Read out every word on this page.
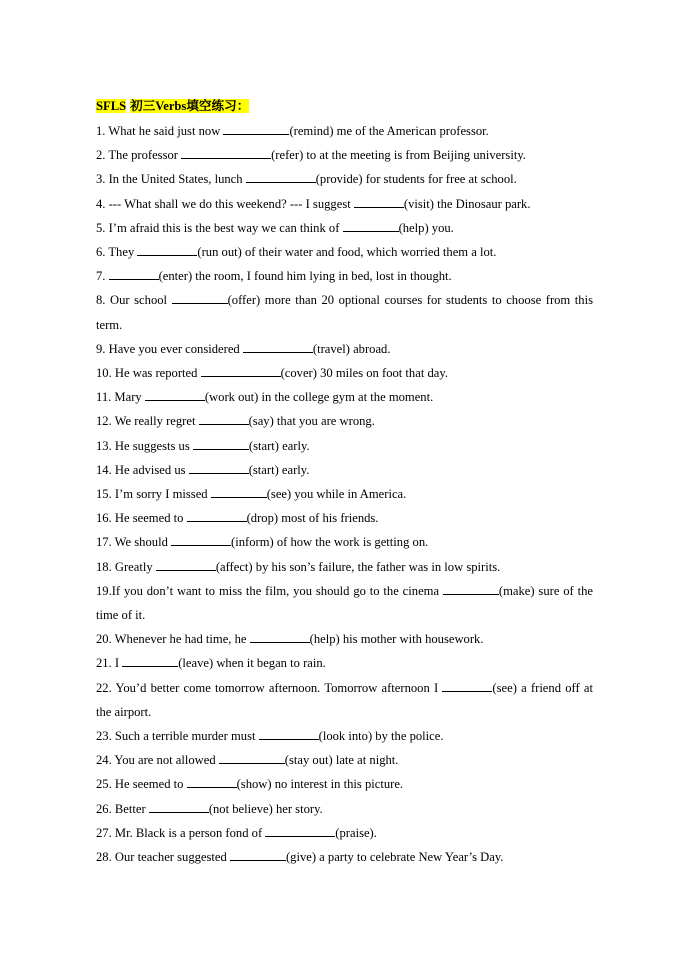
SFLS 初三Verbs填空练习：
1. What he said just now	(remind) me of the American professor.
2. The professor	(refer) to at the meeting is from Beijing university.
3. In the United States, lunch	(provide) for students for free at school.
4. --- What shall we do this weekend? --- I suggest	(visit) the Dinosaur park.
5. I’m afraid this is the best way we can think of	(help) you.
6. They	(run out) of their water and food, which worried them a lot.
7.	(enter) the room, I found him lying in bed, lost in thought.
8. Our school	(offer) more than 20 optional courses for students to choose from this term.
9. Have you ever considered	(travel) abroad.
10. He was reported	(cover) 30 miles on foot that day.
11. Mary	(work out) in the college gym at the moment.
12. We really regret	(say) that you are wrong.
13. He suggests us	(start) early.
14. He advised us	(start) early.
15. I’m sorry I missed	(see) you while in America.
16. He seemed to	(drop) most of his friends.
17. We should	(inform) of how the work is getting on.
18. Greatly	(affect) by his son’s failure, the father was in low spirits.
19.If you don’t want to miss the film, you should go to the cinema	(make) sure of the time of it.
20. Whenever he had time, he	(help) his mother with housework.
21. I	(leave) when it began to rain.
22. You’d better come tomorrow afternoon. Tomorrow afternoon I	(see) a friend off at the airport.
23. Such a terrible murder must	(look into) by the police.
24. You are not allowed	(stay out) late at night.
25. He seemed to	(show) no interest in this picture.
26. Better	(not believe) her story.
27. Mr. Black is a person fond of	(praise).
28. Our teacher suggested	(give) a party to celebrate New Year’s Day.
